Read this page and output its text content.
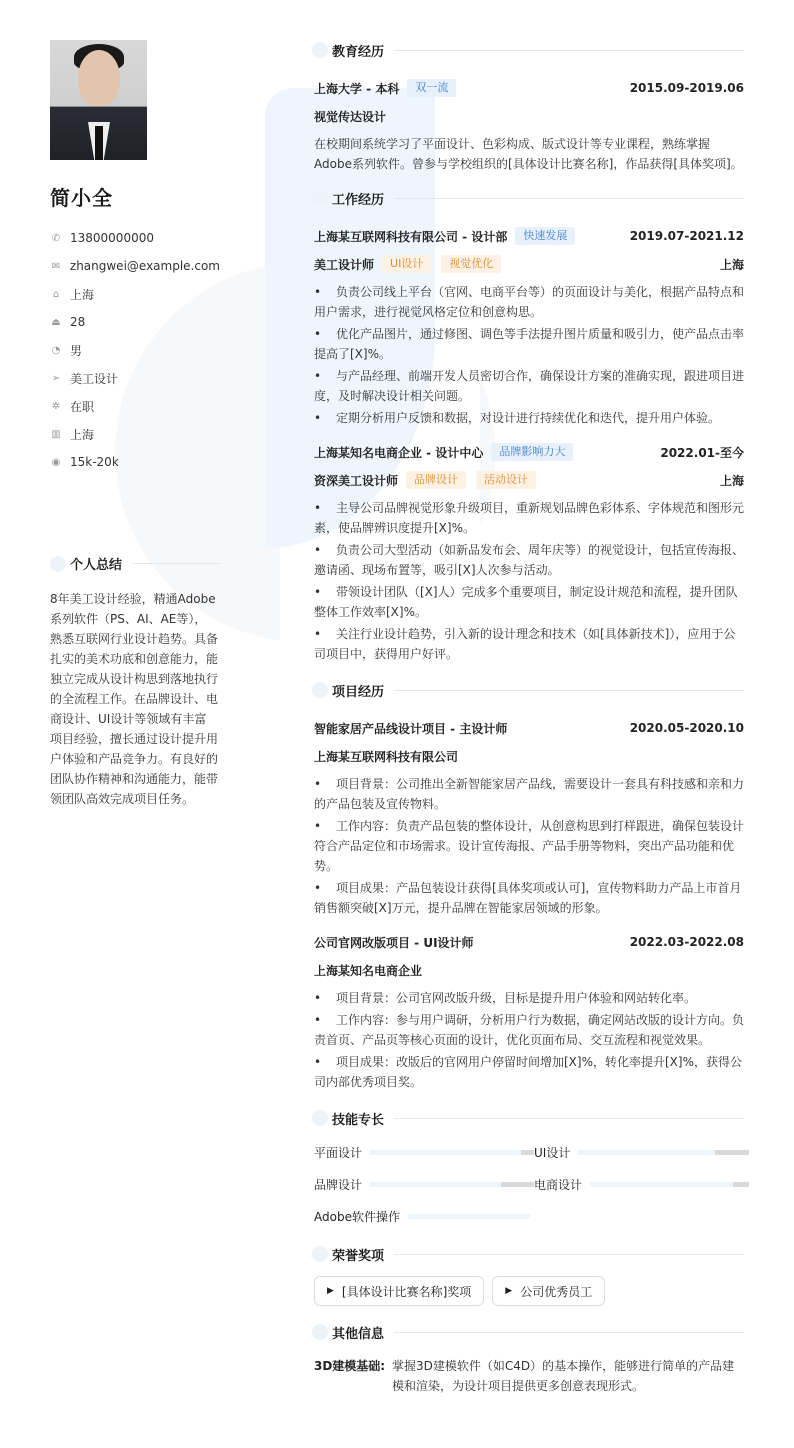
简小全
✆ 13800000000
✉ zhangwei@example.com
⌂ 上海
⏏ 28
◔ 男
➢ 美工设计
✲ 在职
▥ 上海
◉ 15k-20k
个人总结
8年美工设计经验，精通Adobe系列软件（PS、AI、AE等），熟悉互联网行业设计趋势。具备扎实的美术功底和创意能力，能独立完成从设计构思到落地执行的全流程工作。在品牌设计、电商设计、UI设计等领域有丰富项目经验，擅长通过设计提升用户体验和产品竞争力。有良好的团队协作精神和沟通能力，能带领团队高效完成项目任务。
教育经历
上海大学 - 本科	双一流	2015.09-2019.06
视觉传达设计
在校期间系统学习了平面设计、色彩构成、版式设计等专业课程，熟练掌握Adobe系列软件。曾参与学校组织的[具体设计比赛名称]，作品获得[具体奖项]。
工作经历
上海某互联网科技有限公司 - 设计部	快速发展	2019.07-2021.12
美工设计师	UI设计	视觉优化	上海
• 负责公司线上平台（官网、电商平台等）的页面设计与美化，根据产品特点和用户需求，进行视觉风格定位和创意构思。
• 优化产品图片，通过修图、调色等手法提升图片质量和吸引力，使产品点击率提高了[X]%。
• 与产品经理、前端开发人员密切合作，确保设计方案的准确实现，跟进项目进度，及时解决设计相关问题。
• 定期分析用户反馈和数据，对设计进行持续优化和迭代，提升用户体验。
上海某知名电商企业 - 设计中心	品牌影响力大	2022.01-至今
资深美工设计师	品牌设计	活动设计	上海
• 主导公司品牌视觉形象升级项目，重新规划品牌色彩体系、字体规范和图形元素，使品牌辨识度提升[X]%。
• 负责公司大型活动（如新品发布会、周年庆等）的视觉设计，包括宣传海报、邀请函、现场布置等，吸引[X]人次参与活动。
• 带领设计团队（[X]人）完成多个重要项目，制定设计规范和流程，提升团队整体工作效率[X]%。
• 关注行业设计趋势，引入新的设计理念和技术（如[具体新技术]），应用于公司项目中，获得用户好评。
项目经历
智能家居产品线设计项目 - 主设计师	2020.05-2020.10
上海某互联网科技有限公司
• 项目背景：公司推出全新智能家居产品线，需要设计一套具有科技感和亲和力的产品包装及宣传物料。
• 工作内容：负责产品包装的整体设计，从创意构思到打样跟进，确保包装设计符合产品定位和市场需求。设计宣传海报、产品手册等物料，突出产品功能和优势。
• 项目成果：产品包装设计获得[具体奖项或认可]，宣传物料助力产品上市首月销售额突破[X]万元，提升品牌在智能家居领域的形象。
公司官网改版项目 - UI设计师	2022.03-2022.08
上海某知名电商企业
• 项目背景：公司官网改版升级，目标是提升用户体验和网站转化率。
• 工作内容：参与用户调研，分析用户行为数据，确定网站改版的设计方向。负责首页、产品页等核心页面的设计，优化页面布局、交互流程和视觉效果。
• 项目成果：改版后的官网用户停留时间增加[X]%，转化率提升[X]%，获得公司内部优秀项目奖。
技能专长
平面设计	UI设计
品牌设计	电商设计
Adobe软件操作
荣誉奖项
▶ [具体设计比赛名称]奖项	▶ 公司优秀员工
其他信息
3D建模基础: 掌握3D建模软件（如C4D）的基本操作，能够进行简单的产品建模和渲染，为设计项目提供更多创意表现形式。
